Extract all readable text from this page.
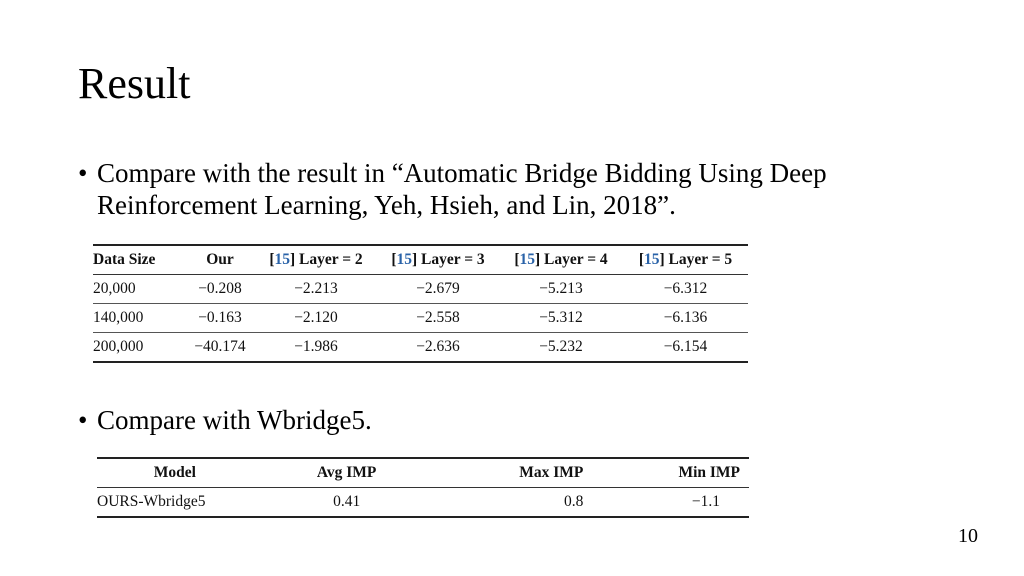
Result
• Compare with the result in “Automatic Bridge Bidding Using Deep Reinforcement Learning, Yeh, Hsieh, and Lin, 2018”.
Data Size	Our	[15] Layer = 2	[15] Layer = 3	[15] Layer = 4	[15] Layer = 5
20,000	−0.208	−2.213	−2.679	−5.213	−6.312
140,000	−0.163	−2.120	−2.558	−5.312	−6.136
200,000	−40.174	−1.986	−2.636	−5.232	−6.154
• Compare with Wbridge5.
Model	Avg IMP	Max IMP	Min IMP
OURS-Wbridge5	0.41	0.8	−1.1
10
